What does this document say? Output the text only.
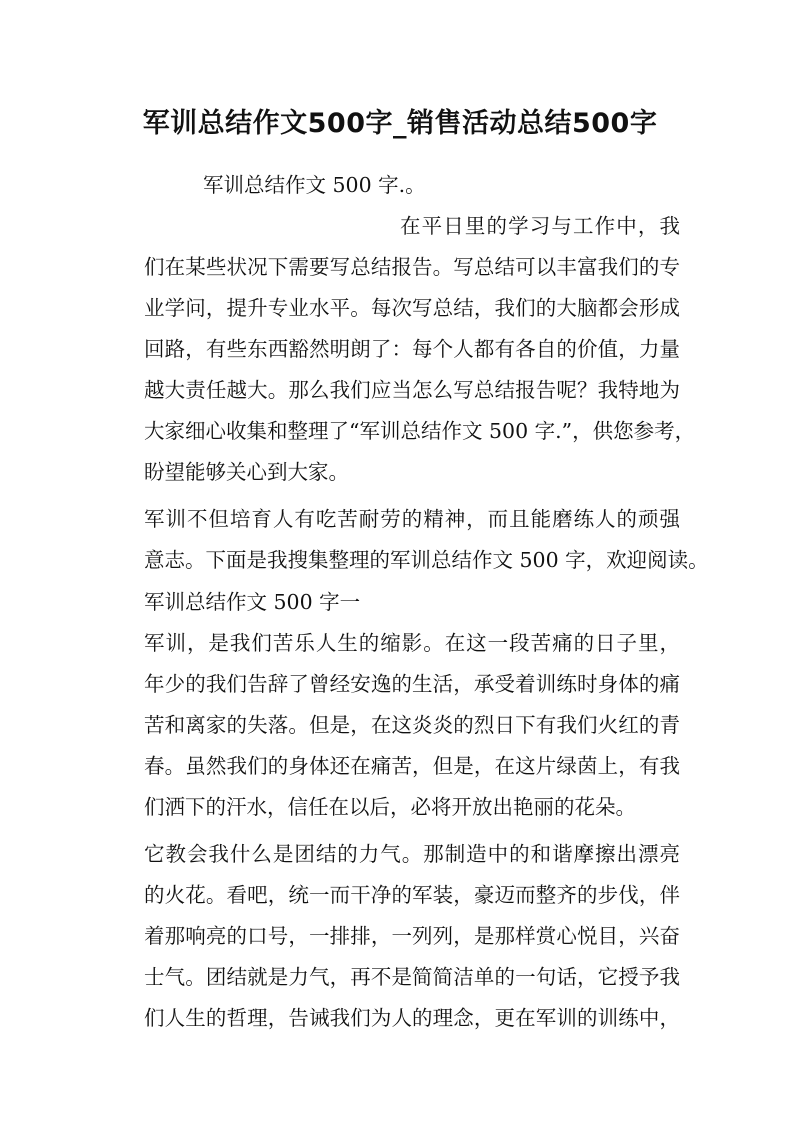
军训总结作文500字_销售活动总结500字
军训总结作文 500 字.。
在平日里的学习与工作中，我
们在某些状况下需要写总结报告。写总结可以丰富我们的专
业学问，提升专业水平。每次写总结，我们的大脑都会形成
回路，有些东西豁然明朗了：每个人都有各自的价值，力量
越大责任越大。那么我们应当怎么写总结报告呢？我特地为
大家细心收集和整理了“军训总结作文 500 字.”，供您参考，
盼望能够关心到大家。
军训不但培育人有吃苦耐劳的精神，而且能磨练人的顽强
意志。下面是我搜集整理的军训总结作文 500 字，欢迎阅读。
军训总结作文 500 字一
军训，是我们苦乐人生的缩影。在这一段苦痛的日子里，
年少的我们告辞了曾经安逸的生活，承受着训练时身体的痛
苦和离家的失落。但是，在这炎炎的烈日下有我们火红的青
春。虽然我们的身体还在痛苦，但是，在这片绿茵上，有我
们洒下的汗水，信任在以后，必将开放出艳丽的花朵。
它教会我什么是团结的力气。那制造中的和谐摩擦出漂亮
的火花。看吧，统一而干净的军装，豪迈而整齐的步伐，伴
着那响亮的口号，一排排，一列列，是那样赏心悦目，兴奋
士气。团结就是力气，再不是简简洁单的一句话，它授予我
们人生的哲理，告诫我们为人的理念，更在军训的训练中，
